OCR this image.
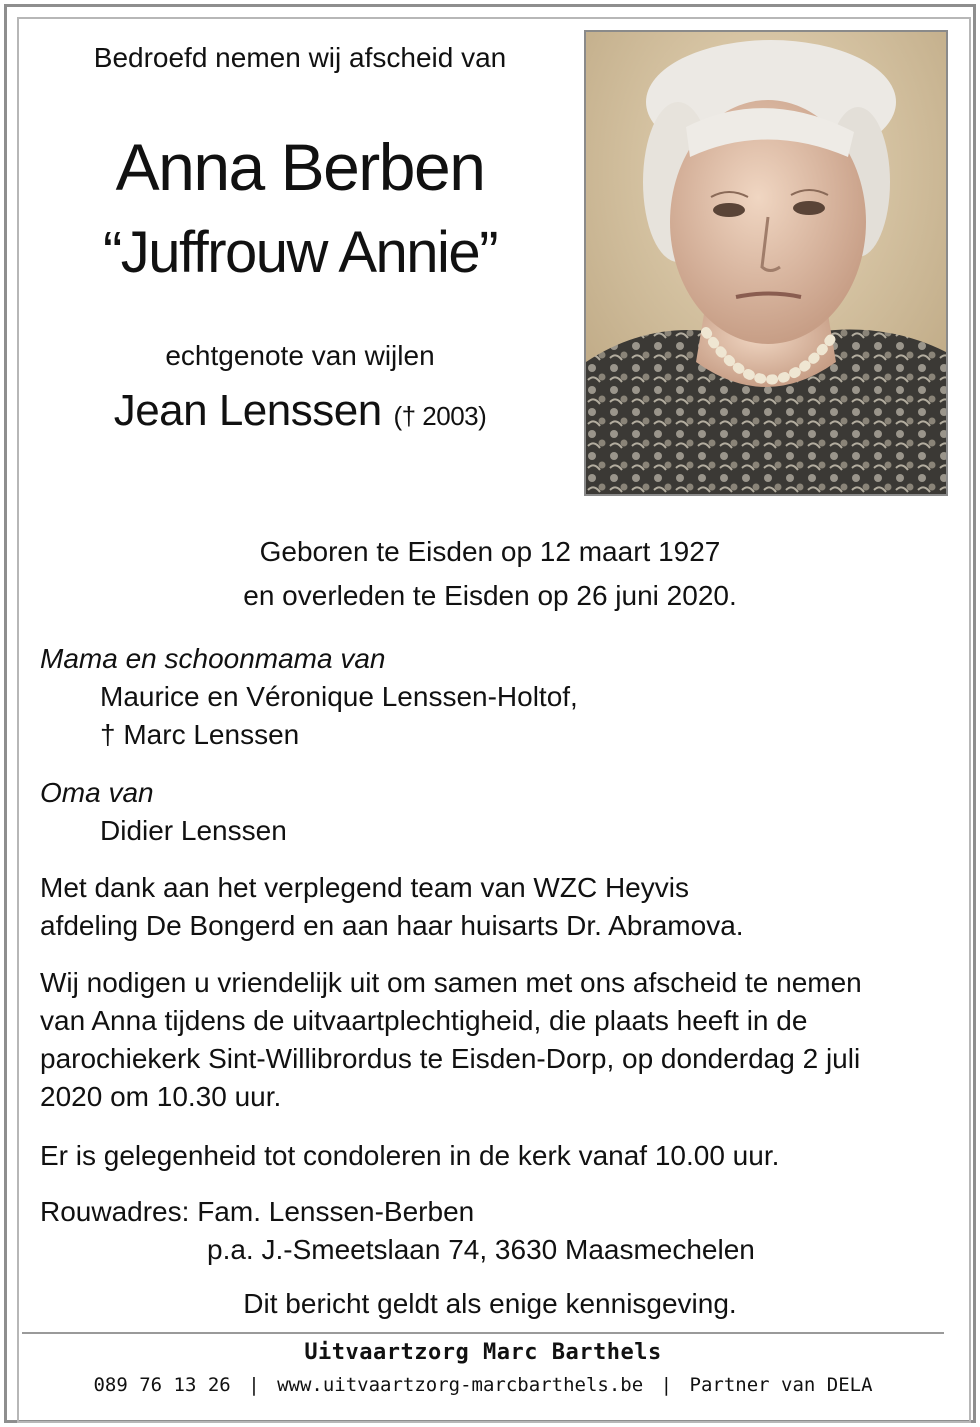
Bedroefd nemen wij afscheid van
Anna Berben
“Juffrouw Annie”
echtgenote van wijlen
Jean Lenssen († 2003)
Geboren te Eisden op 12 maart 1927
en overleden te Eisden op 26 juni 2020.
Mama en schoonmama van
Maurice en Véronique Lenssen-Holtof,
† Marc Lenssen
Oma van
Didier Lenssen
Met dank aan het verplegend team van WZC Heyvis
afdeling De Bongerd en aan haar huisarts Dr. Abramova.
Wij nodigen u vriendelijk uit om samen met ons afscheid te nemen
van Anna tijdens de uitvaartplechtigheid, die plaats heeft in de
parochiekerk Sint-Willibrordus te Eisden-Dorp, op donderdag 2 juli
2020 om 10.30 uur.
Er is gelegenheid tot condoleren in de kerk vanaf 10.00 uur.
Rouwadres: Fam. Lenssen-Berben
p.a. J.-Smeetslaan 74, 3630 Maasmechelen
Dit bericht geldt als enige kennisgeving.
Uitvaartzorg Marc Barthels
089 76 13 26 | www.uitvaartzorg-marcbarthels.be | Partner van DELA
